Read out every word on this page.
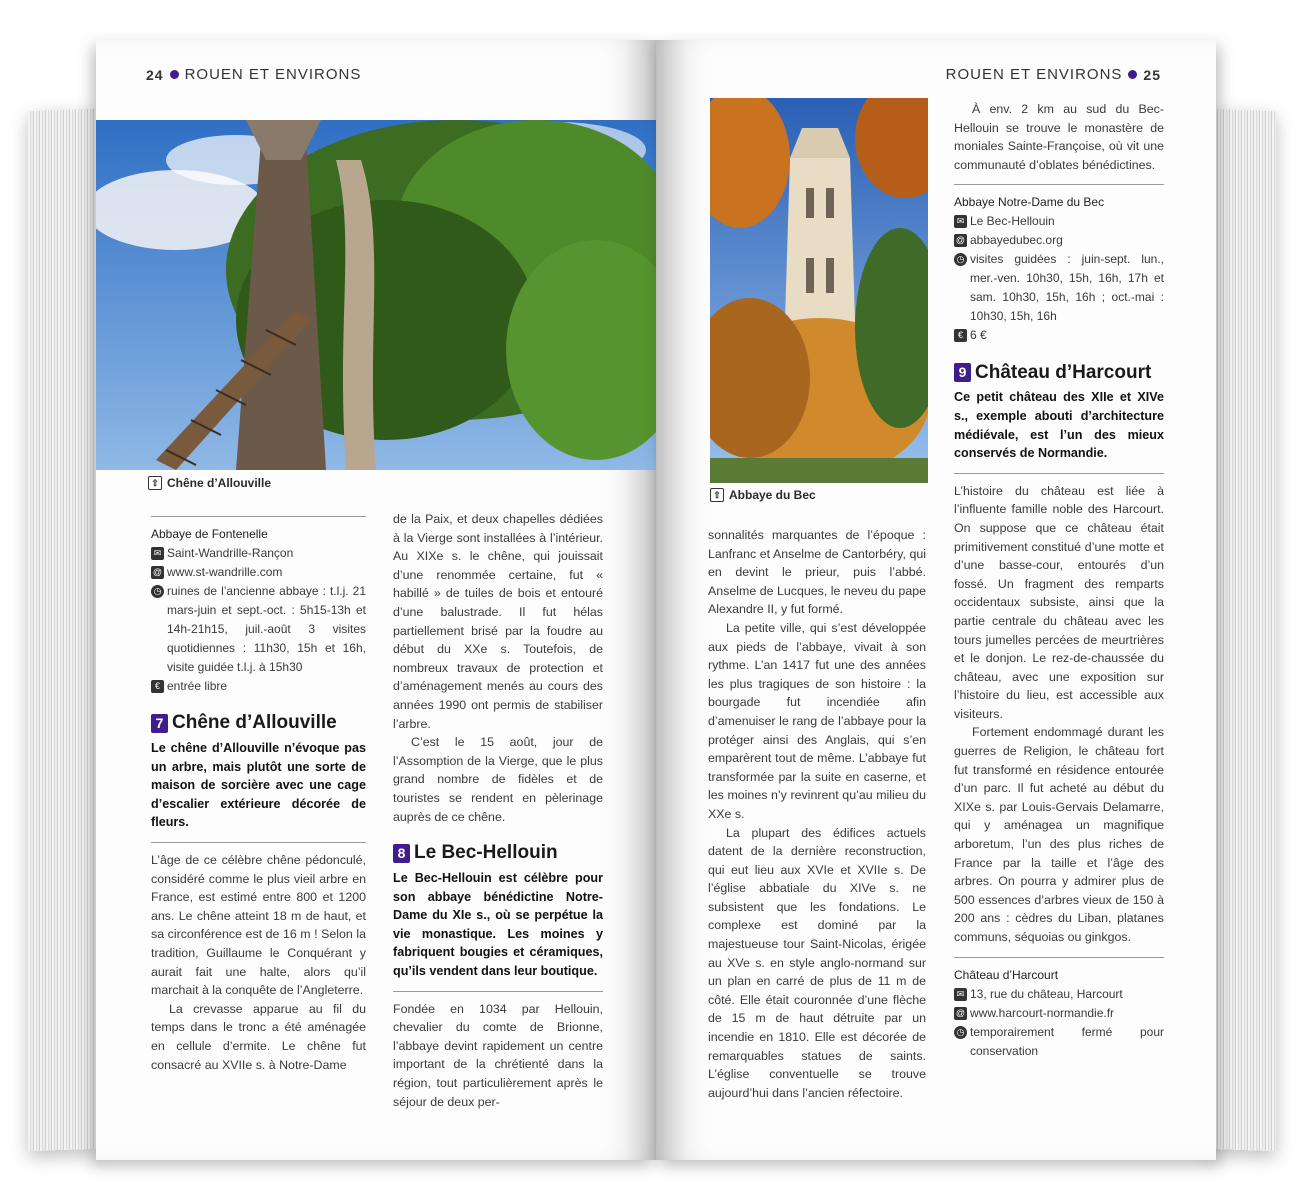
24 ROUEN ET ENVIRONS
⇧ Chêne d’Allouville
Abbaye de Fontenelle
✉ Saint-Wandrille-Rançon
@ www.st-wandrille.com
◷ ruines de l’ancienne abbaye : t.l.j. 21 mars-juin et sept.-oct. : 5h15-13h et 14h-21h15, juil.-août 3 visites quotidiennes : 11h30, 15h et 16h, visite guidée t.l.j. à 15h30
€ entrée libre
7 Chêne d’Allouville

Le chêne d’Allouville n’évoque pas un arbre, mais plutôt une sorte de maison de sorcière avec une cage d’escalier extérieure décorée de fleurs.

L’âge de ce célèbre chêne pédonculé, considéré comme le plus vieil arbre en France, est estimé entre 800 et 1200 ans. Le chêne atteint 18 m de haut, et sa circonférence est de 16 m ! Selon la tradition, Guillaume le Conquérant y aurait fait une halte, alors qu’il marchait à la conquête de l’Angleterre.

La crevasse apparue au fil du temps dans le tronc a été aménagée en cellule d’ermite. Le chêne fut consacré au XVIIe s. à Notre-Dame

de la Paix, et deux chapelles dédiées à la Vierge sont installées à l’intérieur. Au XIXe s. le chêne, qui jouissait d’une renommée certaine, fut « habillé » de tuiles de bois et entouré d’une balustrade. Il fut hélas partiellement brisé par la foudre au début du XXe s. Toutefois, de nombreux travaux de protection et d’aménagement menés au cours des années 1990 ont permis de stabiliser l’arbre.

C’est le 15 août, jour de l’Assomption de la Vierge, que le plus grand nombre de fidèles et de touristes se rendent en pèlerinage auprès de ce chêne.

8 Le Bec-Hellouin

Le Bec-Hellouin est célèbre pour son abbaye bénédictine Notre-Dame du XIe s., où se perpétue la vie monastique. Les moines y fabriquent bougies et céramiques, qu’ils vendent dans leur boutique.

Fondée en 1034 par Hellouin, chevalier du comte de Brionne, l’abbaye devint rapidement un centre important de la chrétienté dans la région, tout particulièrement après le séjour de deux per-

ROUEN ET ENVIRONS 25
⇧ Abbaye du Bec

sonnalités marquantes de l’époque : Lanfranc et Anselme de Cantorbéry, qui en devint le prieur, puis l’abbé. Anselme de Lucques, le neveu du pape Alexandre II, y fut formé.

La petite ville, qui s’est développée aux pieds de l’abbaye, vivait à son rythme. L’an 1417 fut une des années les plus tragiques de son histoire : la bourgade fut incendiée afin d’amenuiser le rang de l’abbaye pour la protéger ainsi des Anglais, qui s’en emparèrent tout de même. L’abbaye fut transformée par la suite en caserne, et les moines n’y revinrent qu’au milieu du XXe s.

La plupart des édifices actuels datent de la dernière reconstruction, qui eut lieu aux XVIe et XVIIe s. De l’église abbatiale du XIVe s. ne subsistent que les fondations. Le complexe est dominé par la majestueuse tour Saint-Nicolas, érigée au XVe s. en style anglo-normand sur un plan en carré de plus de 11 m de côté. Elle était couronnée d’une flèche de 15 m de haut détruite par un incendie en 1810. Elle est décorée de remarquables statues de saints. L’église conventuelle se trouve aujourd’hui dans l’ancien réfectoire.

À env. 2 km au sud du Bec-Hellouin se trouve le monastère de moniales Sainte-Françoise, où vit une communauté d’oblates bénédictines.

Abbaye Notre-Dame du Bec
✉ Le Bec-Hellouin
@ abbayedubec.org
◷ visites guidées : juin-sept. lun., mer.-ven. 10h30, 15h, 16h, 17h et sam. 10h30, 15h, 16h ; oct.-mai : 10h30, 15h, 16h
€ 6 €
9 Château d’Harcourt

Ce petit château des XIIe et XIVe s., exemple abouti d’architecture médiévale, est l’un des mieux conservés de Normandie.

L’histoire du château est liée à l’influente famille noble des Harcourt. On suppose que ce château était primitivement constitué d’une motte et d’une basse-cour, entourés d’un fossé. Un fragment des remparts occidentaux subsiste, ainsi que la partie centrale du château avec les tours jumelles percées de meurtrières et le donjon. Le rez-de-chaussée du château, avec une exposition sur l’histoire du lieu, est accessible aux visiteurs.

Fortement endommagé durant les guerres de Religion, le château fort fut transformé en résidence entourée d’un parc. Il fut acheté au début du XIXe s. par Louis-Gervais Delamarre, qui y aménagea un magnifique arboretum, l’un des plus riches de France par la taille et l’âge des arbres. On pourra y admirer plus de 500 essences d’arbres vieux de 150 à 200 ans : cèdres du Liban, platanes communs, séquoias ou ginkgos.

Château d’Harcourt
✉ 13, rue du château, Harcourt
@ www.harcourt-normandie.fr
◷ temporairement fermé pour conservation
